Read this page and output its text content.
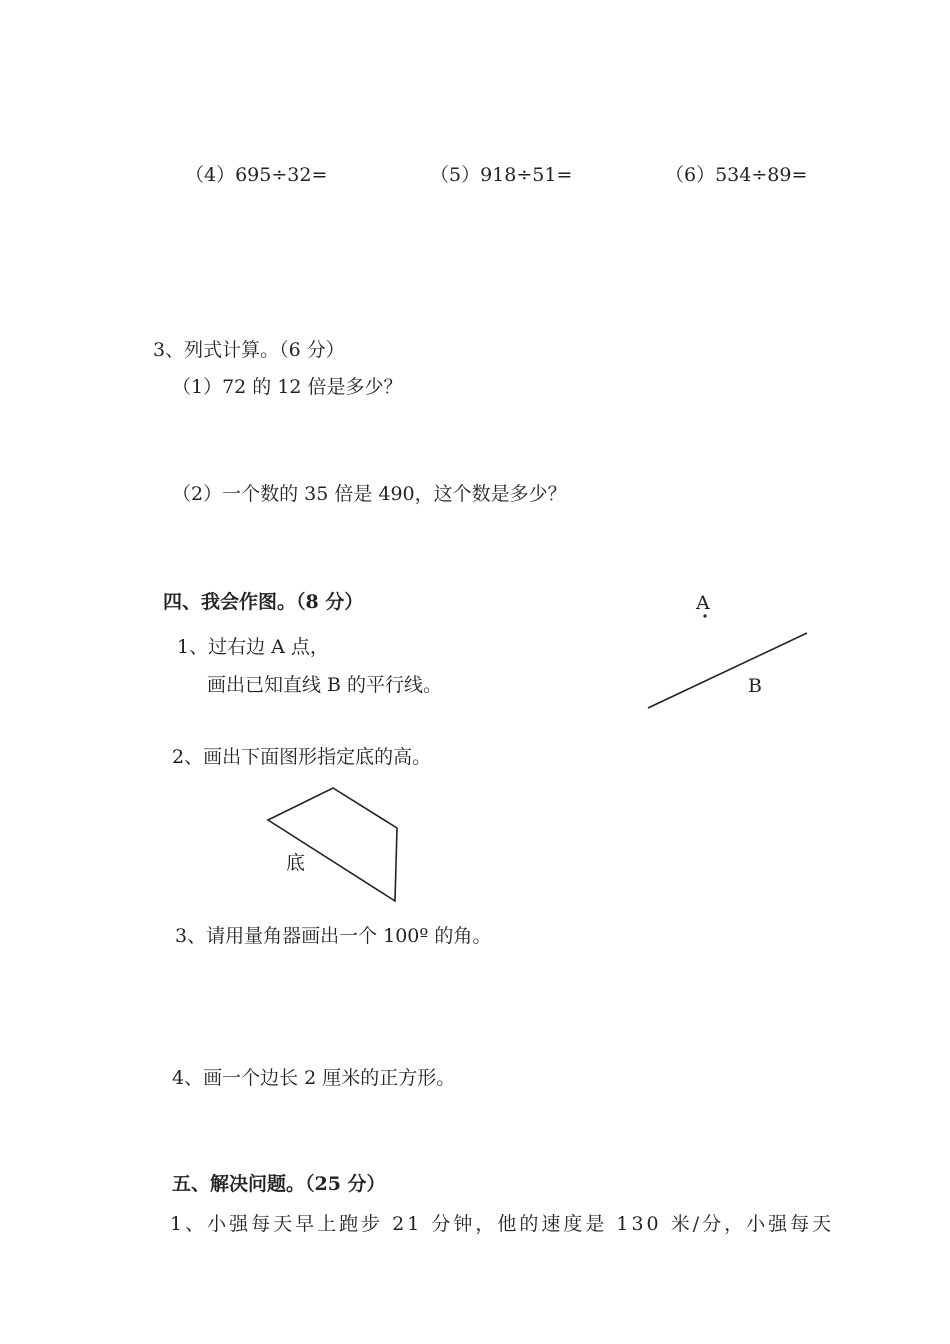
（4）695÷32=	（5）918÷51=	（6）534÷89=
3、列式计算。（6 分）
（1）72 的 12 倍是多少？
（2）一个数的 35 倍是 490，这个数是多少？
四、我会作图。（8 分）
1、过右边 A 点，
画出已知直线 B 的平行线。
A
B
2、画出下面图形指定底的高。
底
3、请用量角器画出一个 100º 的角。
4、画一个边长 2 厘米的正方形。
五、解决问题。（25 分）
1、小强每天早上跑步 21 分钟，他的速度是 130 米/分，小强每天
